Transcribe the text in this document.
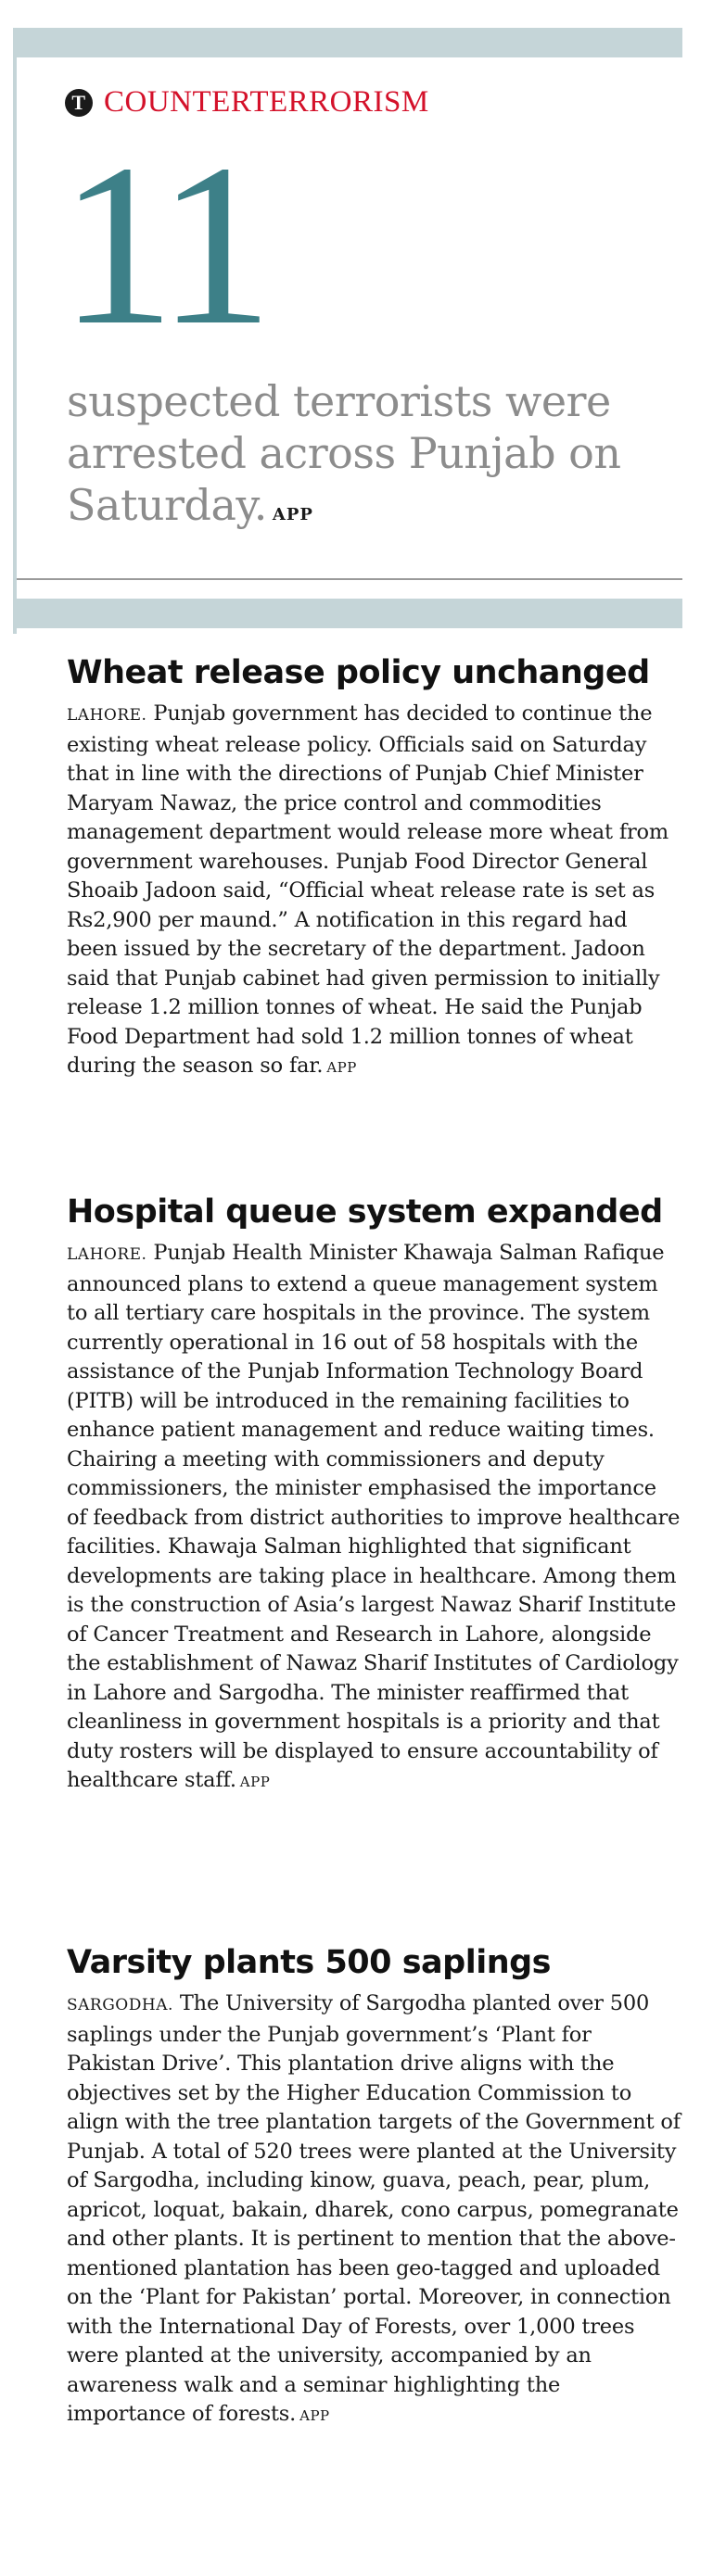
T COUNTERTERRORISM
11
suspected terrorists were arrested across Punjab on Saturday. APP
Wheat release policy unchanged

LAHORE. Punjab government has decided to continue the existing wheat release policy. Officials said on Saturday that in line with the directions of Punjab Chief Minister Maryam Nawaz, the price control and commodities management department would release more wheat from government warehouses. Punjab Food Director General Shoaib Jadoon said, “Official wheat release rate is set as Rs2,900 per maund.” A notification in this regard had been issued by the secretary of the department. Jadoon said that Punjab cabinet had given permission to initially release 1.2 million tonnes of wheat. He said the Punjab Food Department had sold 1.2 million tonnes of wheat during the season so far. APP

Hospital queue system expanded

LAHORE. Punjab Health Minister Khawaja Salman Rafique announced plans to extend a queue management system to all tertiary care hospitals in the province. The system currently operational in 16 out of 58 hospitals with the assistance of the Punjab Information Technology Board (PITB) will be introduced in the remaining facilities to enhance patient management and reduce waiting times. Chairing a meeting with commissioners and deputy commissioners, the minister emphasised the importance of feedback from district authorities to improve healthcare facilities. Khawaja Salman highlighted that significant developments are taking place in healthcare. Among them is the construction of Asia’s largest Nawaz Sharif Institute of Cancer Treatment and Research in Lahore, alongside the establishment of Nawaz Sharif Institutes of Cardiology in Lahore and Sargodha. The minister reaffirmed that cleanliness in government hospitals is a priority and that duty rosters will be displayed to ensure accountability of healthcare staff. APP

Varsity plants 500 saplings

SARGODHA. The University of Sargodha planted over 500 saplings under the Punjab government’s ‘Plant for Pakistan Drive’. This plantation drive aligns with the objectives set by the Higher Education Commission to align with the tree plantation targets of the Government of Punjab. A total of 520 trees were planted at the University of Sargodha, including kinow, guava, peach, pear, plum, apricot, loquat, bakain, dharek, cono carpus, pomegranate and other plants. It is pertinent to mention that the above-mentioned plantation has been geo-tagged and uploaded on the ‘Plant for Pakistan’ portal. Moreover, in connection with the International Day of Forests, over 1,000 trees were planted at the university, accompanied by an awareness walk and a seminar highlighting the importance of forests. APP
